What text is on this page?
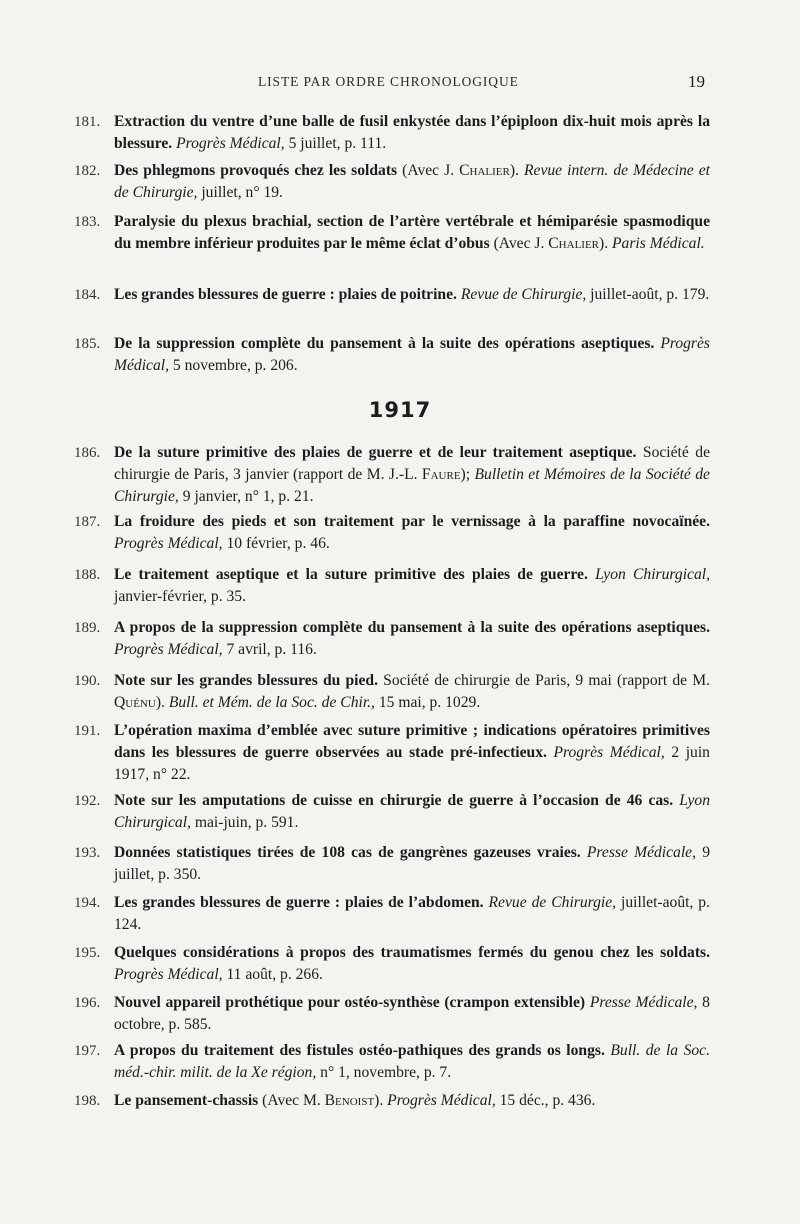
LISTE PAR ORDRE CHRONOLOGIQUE	19
1917
181. Extraction du ventre d’une balle de fusil enkystée dans l’épiploon dix-huit mois après la blessure. Progrès Médical, 5 juillet, p. 111.
182. Des phlegmons provoqués chez les soldats (Avec J. Chalier). Revue intern. de Médecine et de Chirurgie, juillet, n° 19.
183. Paralysie du plexus brachial, section de l’artère vertébrale et hémiparésie spasmodique du membre inférieur produites par le même éclat d’obus (Avec J. Chalier). Paris Médical.
184. Les grandes blessures de guerre : plaies de poitrine. Revue de Chirurgie, juillet-août, p. 179.
185. De la suppression complète du pansement à la suite des opérations aseptiques. Progrès Médical, 5 novembre, p. 206.
186. De la suture primitive des plaies de guerre et de leur traitement aseptique. Société de chirurgie de Paris, 3 janvier (rapport de M. J.-L. Faure); Bulletin et Mémoires de la Société de Chirurgie, 9 janvier, n° 1, p. 21.
187. La froidure des pieds et son traitement par le vernissage à la paraffine novocaïnée. Progrès Médical, 10 février, p. 46.
188. Le traitement aseptique et la suture primitive des plaies de guerre. Lyon Chirurgical, janvier-février, p. 35.
189. A propos de la suppression complète du pansement à la suite des opérations aseptiques. Progrès Médical, 7 avril, p. 116.
190. Note sur les grandes blessures du pied. Société de chirurgie de Paris, 9 mai (rapport de M. Quénu). Bull. et Mém. de la Soc. de Chir., 15 mai, p. 1029.
191. L’opération maxima d’emblée avec suture primitive ; indications opératoires primitives dans les blessures de guerre observées au stade pré-infectieux. Progrès Médical, 2 juin 1917, n° 22.
192. Note sur les amputations de cuisse en chirurgie de guerre à l’occasion de 46 cas. Lyon Chirurgical, mai-juin, p. 591.
193. Données statistiques tirées de 108 cas de gangrènes gazeuses vraies. Presse Médicale, 9 juillet, p. 350.
194. Les grandes blessures de guerre : plaies de l’abdomen. Revue de Chirurgie, juillet-août, p. 124.
195. Quelques considérations à propos des traumatismes fermés du genou chez les soldats. Progrès Médical, 11 août, p. 266.
196. Nouvel appareil prothétique pour ostéo-synthèse (crampon extensible) Presse Médicale, 8 octobre, p. 585.
197. A propos du traitement des fistules ostéo-pathiques des grands os longs. Bull. de la Soc. méd.-chir. milit. de la Xe région, n° 1, novembre, p. 7.
198. Le pansement-chassis (Avec M. Benoist). Progrès Médical, 15 déc., p. 436.
